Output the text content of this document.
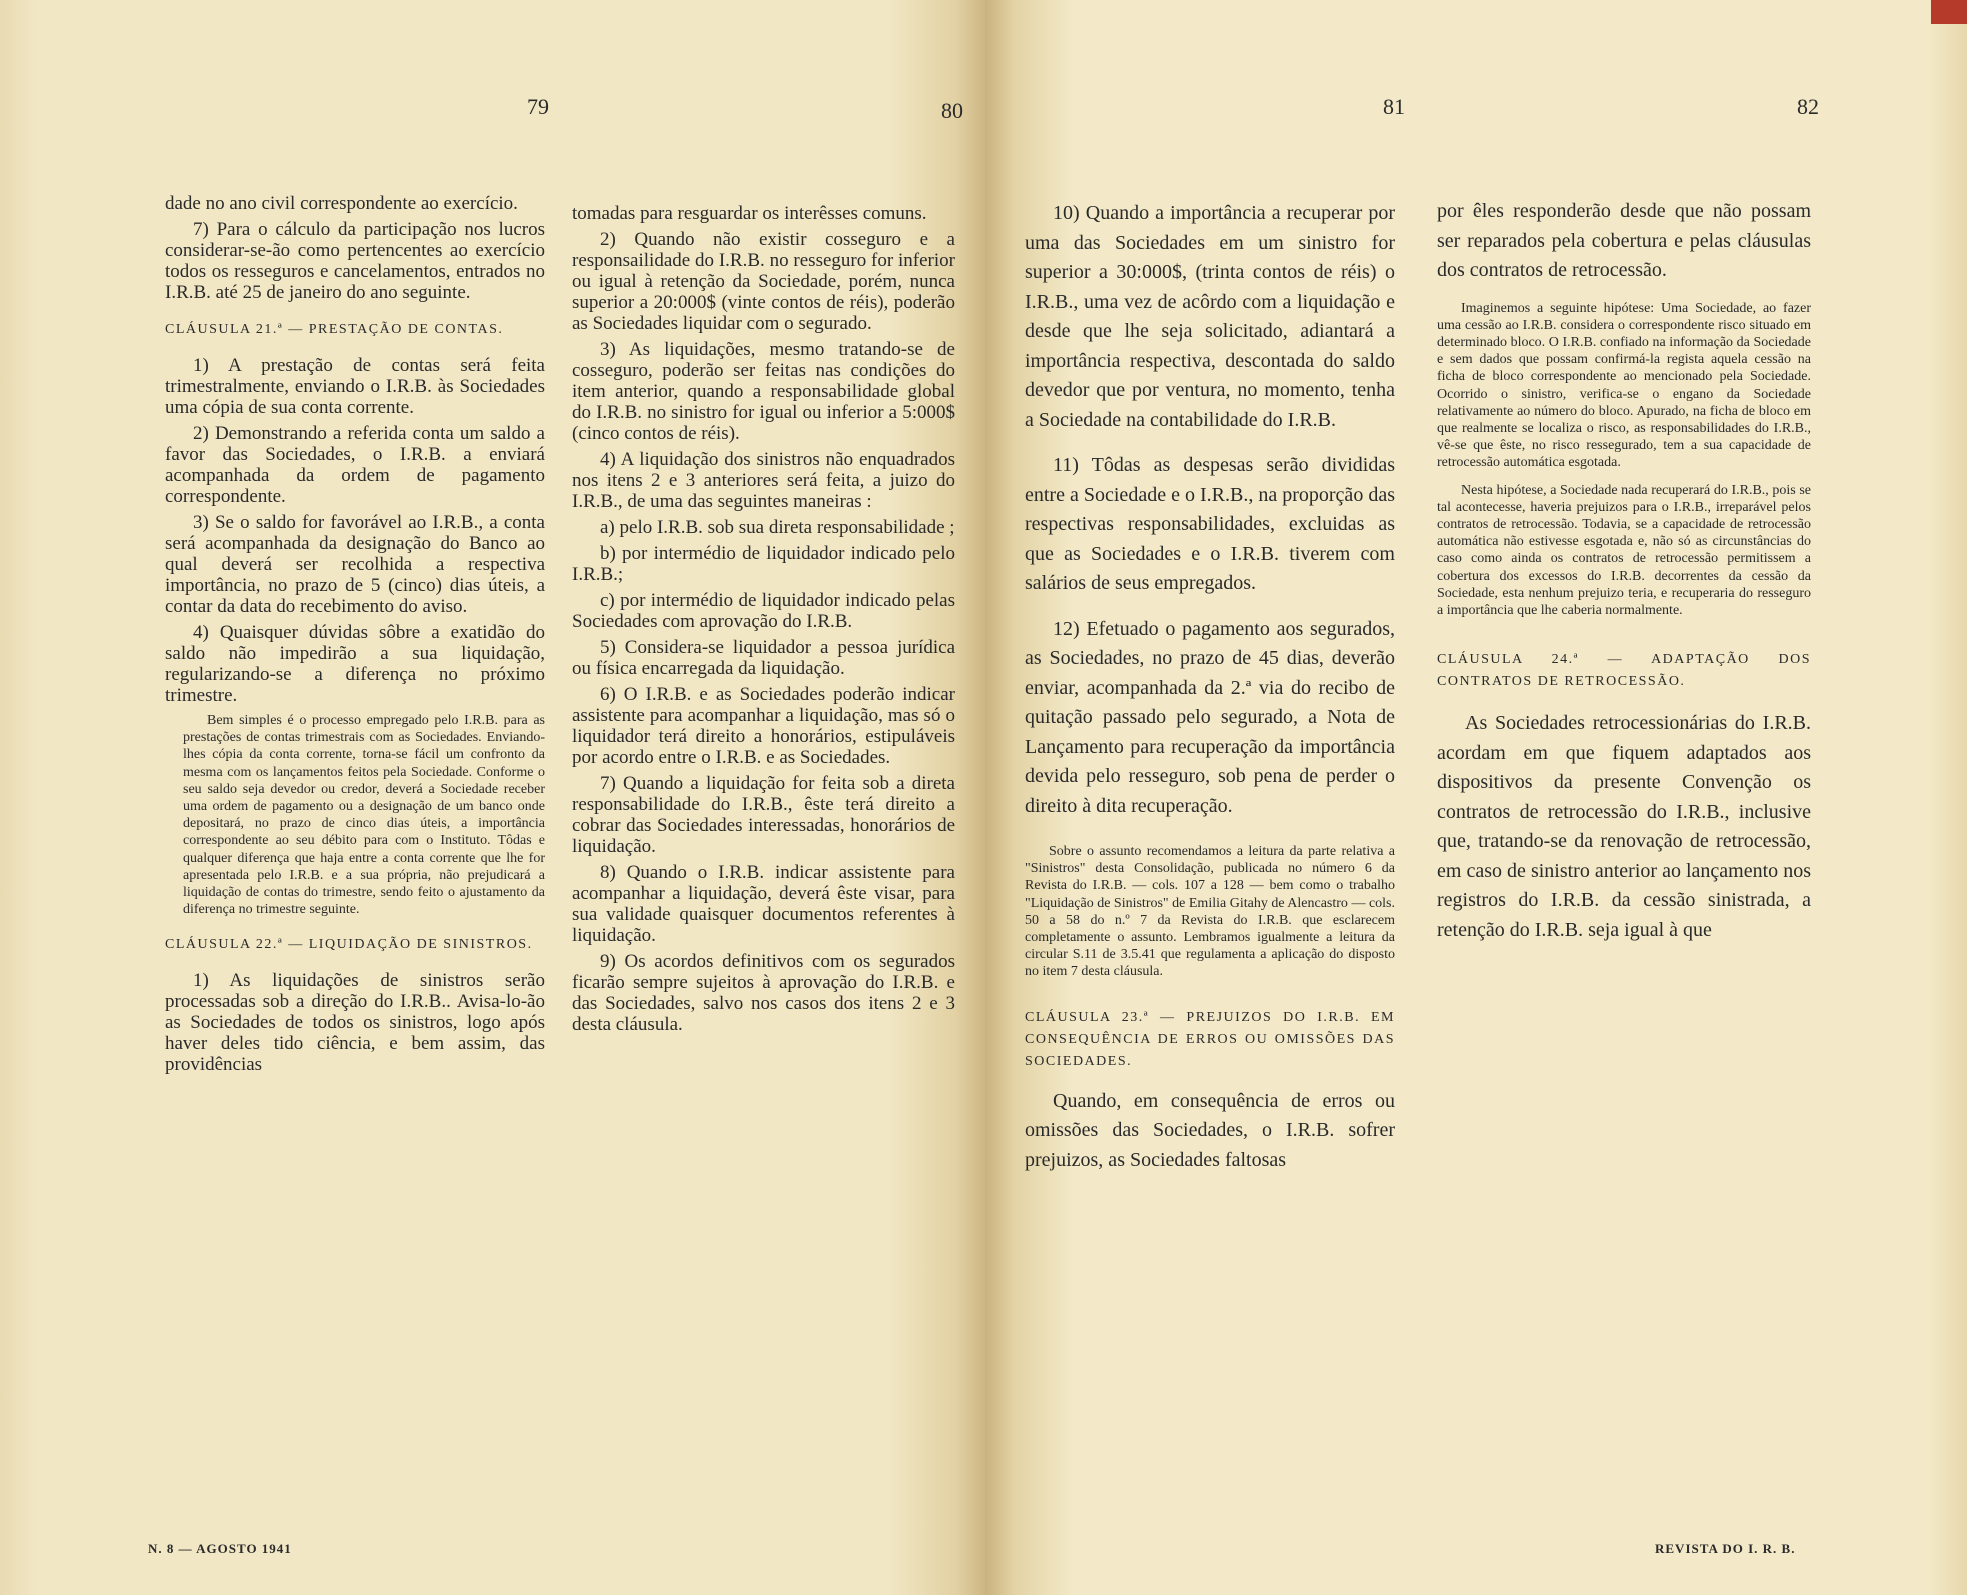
79	80

dade no ano civil correspondente ao exercício.

7) Para o cálculo da participação nos lucros considerar-se-ão como pertencentes ao exercício todos os resseguros e cancelamentos, entrados no I.R.B. até 25 de janeiro do ano seguinte.

CLÁUSULA 21.ª — PRESTAÇÃO DE CONTAS.

1) A prestação de contas será feita trimestralmente, enviando o I.R.B. às Sociedades uma cópia de sua conta corrente.

2) Demonstrando a referida conta um saldo a favor das Sociedades, o I.R.B. a enviará acompanhada da ordem de pagamento correspondente.

3) Se o saldo for favorável ao I.R.B., a conta será acompanhada da designação do Banco ao qual deverá ser recolhida a respectiva importância, no prazo de 5 (cinco) dias úteis, a contar da data do recebimento do aviso.

4) Quaisquer dúvidas sôbre a exatidão do saldo não impedirão a sua liquidação, regularizando-se a diferença no próximo trimestre.

Bem simples é o processo empregado pelo I.R.B. para as prestações de contas trimestrais com as Sociedades. Enviando-lhes cópia da conta corrente, torna-se fácil um confronto da mesma com os lançamentos feitos pela Sociedade. Conforme o seu saldo seja devedor ou credor, deverá a Sociedade receber uma ordem de pagamento ou a designação de um banco onde depositará, no prazo de cinco dias úteis, a importância correspondente ao seu débito para com o Instituto. Tôdas e qualquer diferença que haja entre a conta corrente que lhe for apresentada pelo I.R.B. e a sua própria, não prejudicará a liquidação de contas do trimestre, sendo feito o ajustamento da diferença no trimestre seguinte.

CLÁUSULA 22.ª — LIQUIDAÇÃO DE SINISTROS.

1) As liquidações de sinistros serão processadas sob a direção do I.R.B.. Avisa-lo-ão as Sociedades de todos os sinistros, logo após haver deles tido ciência, e bem assim, das providências

tomadas para resguardar os interêsses comuns.

2) Quando não existir cosseguro e a responsailidade do I.R.B. no resseguro for inferior ou igual à retenção da Sociedade, porém, nunca superior a 20:000$ (vinte contos de réis), poderão as Sociedades liquidar com o segurado.

3) As liquidações, mesmo tratando-se de cosseguro, poderão ser feitas nas condições do item anterior, quando a responsabilidade global do I.R.B. no sinistro for igual ou inferior a 5:000$ (cinco contos de réis).

4) A liquidação dos sinistros não enquadrados nos itens 2 e 3 anteriores será feita, a juizo do I.R.B., de uma das seguintes maneiras :

a) pelo I.R.B. sob sua direta responsabilidade ;

b) por intermédio de liquidador indicado pelo I.R.B.;

c) por intermédio de liquidador indicado pelas Sociedades com aprovação do I.R.B.

5) Considera-se liquidador a pessoa jurídica ou física encarregada da liquidação.

6) O I.R.B. e as Sociedades poderão indicar assistente para acompanhar a liquidação, mas só o liquidador terá direito a honorários, estipuláveis por acordo entre o I.R.B. e as Sociedades.

7) Quando a liquidação for feita sob a direta responsabilidade do I.R.B., êste terá direito a cobrar das Sociedades interessadas, honorários de liquidação.

8) Quando o I.R.B. indicar assistente para acompanhar a liquidação, deverá êste visar, para sua validade quaisquer documentos referentes à liquidação.

9) Os acordos definitivos com os segurados ficarão sempre sujeitos à aprovação do I.R.B. e das Sociedades, salvo nos casos dos itens 2 e 3 desta cláusula.

N. 8 — AGOSTO 1941
81	82

10) Quando a importância a recuperar por uma das Sociedades em um sinistro for superior a 30:000$, (trinta contos de réis) o I.R.B., uma vez de acôrdo com a liquidação e desde que lhe seja solicitado, adiantará a importância respectiva, descontada do saldo devedor que por ventura, no momento, tenha a Sociedade na contabilidade do I.R.B.

11) Tôdas as despesas serão divididas entre a Sociedade e o I.R.B., na proporção das respectivas responsabilidades, excluidas as que as Sociedades e o I.R.B. tiverem com salários de seus empregados.

12) Efetuado o pagamento aos segurados, as Sociedades, no prazo de 45 dias, deverão enviar, acompanhada da 2.ª via do recibo de quitação passado pelo segurado, a Nota de Lançamento para recuperação da importância devida pelo resseguro, sob pena de perder o direito à dita recuperação.

Sobre o assunto recomendamos a leitura da parte relativa a "Sinistros" desta Consolidação, publicada no número 6 da Revista do I.R.B. — cols. 107 a 128 — bem como o trabalho "Liquidação de Sinistros" de Emilia Gitahy de Alencastro — cols. 50 a 58 do n.º 7 da Revista do I.R.B. que esclarecem completamente o assunto. Lembramos igualmente a leitura da circular S.11 de 3.5.41 que regulamenta a aplicação do disposto no item 7 desta cláusula.

CLÁUSULA 23.ª — PREJUIZOS DO I.R.B. EM CONSEQUÊNCIA DE ERROS OU OMISSÕES DAS SOCIEDADES.

Quando, em consequência de erros ou omissões das Sociedades, o I.R.B. sofrer prejuizos, as Sociedades faltosas

por êles responderão desde que não possam ser reparados pela cobertura e pelas cláusulas dos contratos de retrocessão.

Imaginemos a seguinte hipótese: Uma Sociedade, ao fazer uma cessão ao I.R.B. considera o correspondente risco situado em determinado bloco. O I.R.B. confiado na informação da Sociedade e sem dados que possam confirmá-la regista aquela cessão na ficha de bloco correspondente ao mencionado pela Sociedade. Ocorrido o sinistro, verifica-se o engano da Sociedade relativamente ao número do bloco. Apurado, na ficha de bloco em que realmente se localiza o risco, as responsabilidades do I.R.B., vê-se que êste, no risco ressegurado, tem a sua capacidade de retrocessão automática esgotada.

Nesta hipótese, a Sociedade nada recuperará do I.R.B., pois se tal acontecesse, haveria prejuizos para o I.R.B., irreparável pelos contratos de retrocessão. Todavia, se a capacidade de retrocessão automática não estivesse esgotada e, não só as circunstâncias do caso como ainda os contratos de retrocessão permitissem a cobertura dos excessos do I.R.B. decorrentes da cessão da Sociedade, esta nenhum prejuizo teria, e recuperaria do resseguro a importância que lhe caberia normalmente.

CLÁUSULA 24.ª — ADAPTAÇÃO DOS CONTRATOS DE RETROCESSÃO.

As Sociedades retrocessionárias do I.R.B. acordam em que fiquem adaptados aos dispositivos da presente Convenção os contratos de retrocessão do I.R.B., inclusive que, tratando-se da renovação de retrocessão, em caso de sinistro anterior ao lançamento nos registros do I.R.B. da cessão sinistrada, a retenção do I.R.B. seja igual à que

REVISTA DO I. R. B.
